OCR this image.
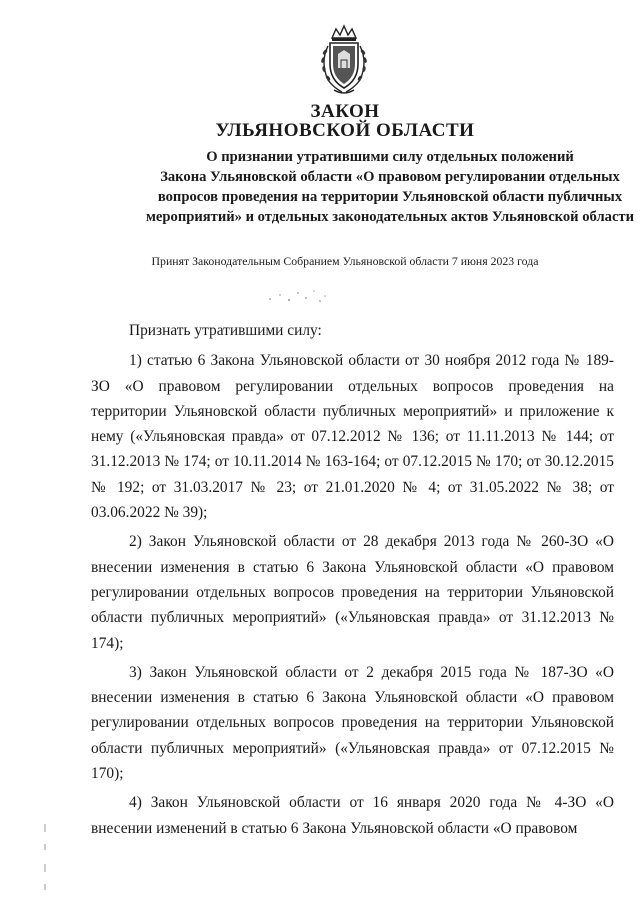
ЗАКОН
УЛЬЯНОВСКОЙ ОБЛАСТИ
О признании утратившими силу отдельных положений
Закона Ульяновской области «О правовом регулировании отдельных
вопросов проведения на территории Ульяновской области публичных
мероприятий» и отдельных законодательных актов Ульяновской области
Принят Законодательным Собранием Ульяновской области 7 июня 2023 года

Признать утратившими силу:

1) статью 6 Закона Ульяновской области от 30 ноября 2012 года № 189-ЗО «О правовом регулировании отдельных вопросов проведения на территории Ульяновской области публичных мероприятий» и приложение к нему («Ульяновская правда» от 07.12.2012 № 136; от 11.11.2013 № 144; от 31.12.2013 № 174; от 10.11.2014 № 163-164; от 07.12.2015 № 170; от 30.12.2015 № 192; от 31.03.2017 № 23; от 21.01.2020 № 4; от 31.05.2022 № 38; от 03.06.2022 № 39);

2) Закон Ульяновской области от 28 декабря 2013 года № 260-ЗО «О внесении изменения в статью 6 Закона Ульяновской области «О правовом регулировании отдельных вопросов проведения на территории Ульяновской области публичных мероприятий» («Ульяновская правда» от 31.12.2013 № 174);

3) Закон Ульяновской области от 2 декабря 2015 года № 187-ЗО «О внесении изменения в статью 6 Закона Ульяновской области «О правовом регулировании отдельных вопросов проведения на территории Ульяновской области публичных мероприятий» («Ульяновская правда» от 07.12.2015 № 170);

4) Закон Ульяновской области от 16 января 2020 года № 4-ЗО «О внесении изменений в статью 6 Закона Ульяновской области «О правовом
